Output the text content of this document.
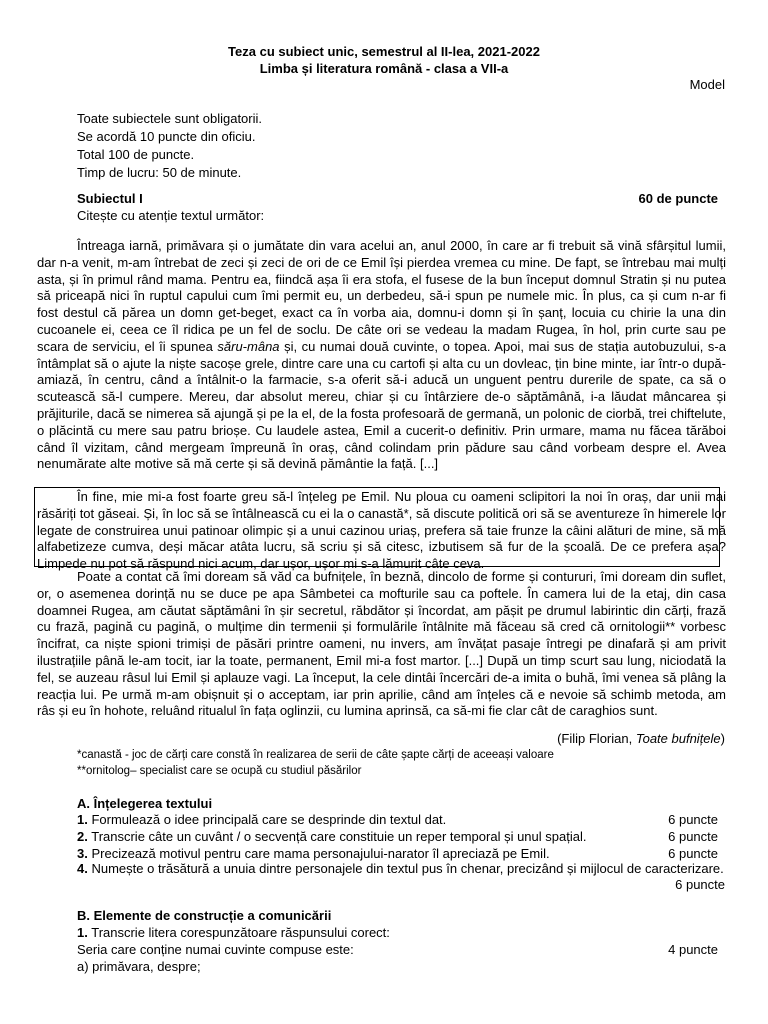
Teza cu subiect unic, semestrul al II-lea, 2021-2022
Limba și literatura română - clasa a VII-a
Model
Toate subiectele sunt obligatorii.
Se acordă 10 puncte din oficiu.
Total 100 de puncte.
Timp de lucru: 50 de minute.
Subiectul I	60 de puncte
Citește cu atenție textul următor:

Întreaga iarnă, primăvara și o jumătate din vara acelui an, anul 2000, în care ar fi trebuit să vină sfârșitul lumii, dar n-a venit, m-am întrebat de zeci și zeci de ori de ce Emil își pierdea vremea cu mine. De fapt, se întrebau mai mulți asta, și în primul rând mama. Pentru ea, fiindcă așa îi era stofa, el fusese de la bun început domnul Stratin și nu putea să priceapă nici în ruptul capului cum îmi permit eu, un derbedeu, să-i spun pe numele mic. În plus, ca și cum n-ar fi fost destul că părea un domn get-beget, exact ca în vorba aia, domnu-i domn și în șanț, locuia cu chirie la una din cucoanele ei, ceea ce îl ridica pe un fel de soclu. De câte ori se vedeau la madam Rugea, în hol, prin curte sau pe scara de serviciu, el îi spunea săru-mâna și, cu numai două cuvinte, o topea. Apoi, mai sus de stația autobuzului, s-a întâmplat să o ajute la niște sacoșe grele, dintre care una cu cartofi și alta cu un dovleac, țin bine minte, iar într-o după-amiază, în centru, când a întâlnit-o la farmacie, s-a oferit să-i aducă un unguent pentru durerile de spate, ca să o scutească să-l cumpere. Mereu, dar absolut mereu, chiar și cu întârziere de-o săptămână, i-a lăudat mâncarea și prăjiturile, dacă se nimerea să ajungă și pe la el, de la fosta profesoară de germană, un polonic de ciorbă, trei chiftelute, o plăcintă cu mere sau patru brioșe. Cu laudele astea, Emil a cucerit-o definitiv. Prin urmare, mama nu făcea tărăboi când îl vizitam, când mergeam împreună în oraș, când colindam prin pădure sau când vorbeam despre el. Avea nenumărate alte motive să mă certe și să devină pământie la față. [...]

În fine, mie mi-a fost foarte greu să-l înțeleg pe Emil. Nu ploua cu oameni sclipitori la noi în oraș, dar unii mai răsăriți tot găseai. Și, în loc să se întâlnească cu ei la o canastă*, să discute politică ori să se aventureze în himerele lor legate de construirea unui patinoar olimpic și a unui cazinou uriaș, prefera să taie frunze la câini alături de mine, să mă alfabetizeze cumva, deși măcar atâta lucru, să scriu și să citesc, izbutisem să fur de la școală. De ce prefera așa? Limpede nu pot să răspund nici acum, dar ușor, ușor mi s-a lămurit câte ceva.

Poate a contat că îmi doream să văd ca bufnițele, în beznă, dincolo de forme și contururi, îmi doream din suflet, or, o asemenea dorință nu se duce pe apa Sâmbetei ca mofturile sau ca poftele. În camera lui de la etaj, din casa doamnei Rugea, am căutat săptămâni în șir secretul, răbdător și încordat, am pășit pe drumul labirintic din cărți, frază cu frază, pagină cu pagină, o mulțime din termenii și formulările întâlnite mă făceau să cred că ornitologii** vorbesc încifrat, ca niște spioni trimiși de păsări printre oameni, nu invers, am învățat pasaje întregi pe dinafară și am privit ilustrațiile până le-am tocit, iar la toate, permanent, Emil mi-a fost martor. [...] După un timp scurt sau lung, niciodată la fel, se auzeau râsul lui Emil și aplauze vagi. La început, la cele dintâi încercări de-a imita o buhă, îmi venea să plâng la reacția lui. Pe urmă m-am obișnuit și o acceptam, iar prin aprilie, când am înțeles că e nevoie să schimb metoda, am râs și eu în hohote, reluând ritualul în fața oglinzii, cu lumina aprinsă, ca să-mi fie clar cât de caraghios sunt.

(Filip Florian, Toate bufnițele)
*canastă - joc de cărți care constă în realizarea de serii de câte șapte cărți de aceeași valoare
**ornitolog– specialist care se ocupă cu studiul păsărilor
A. Înțelegerea textului
1. Formulează o idee principală care se desprinde din textul dat.	6 puncte
2. Transcrie câte un cuvânt / o secvență care constituie un reper temporal și unul spațial.	6 puncte
3. Precizează motivul pentru care mama personajului-narator îl apreciază pe Emil.	6 puncte

4. Numește o trăsătură a unuia dintre personajele din textul pus în chenar, precizând și mijlocul de caracterizare.

6 puncte
B. Elemente de construcție a comunicării
1. Transcrie litera corespunzătoare răspunsului corect:
Seria care conține numai cuvinte compuse este:	4 puncte
a) primăvara, despre;
